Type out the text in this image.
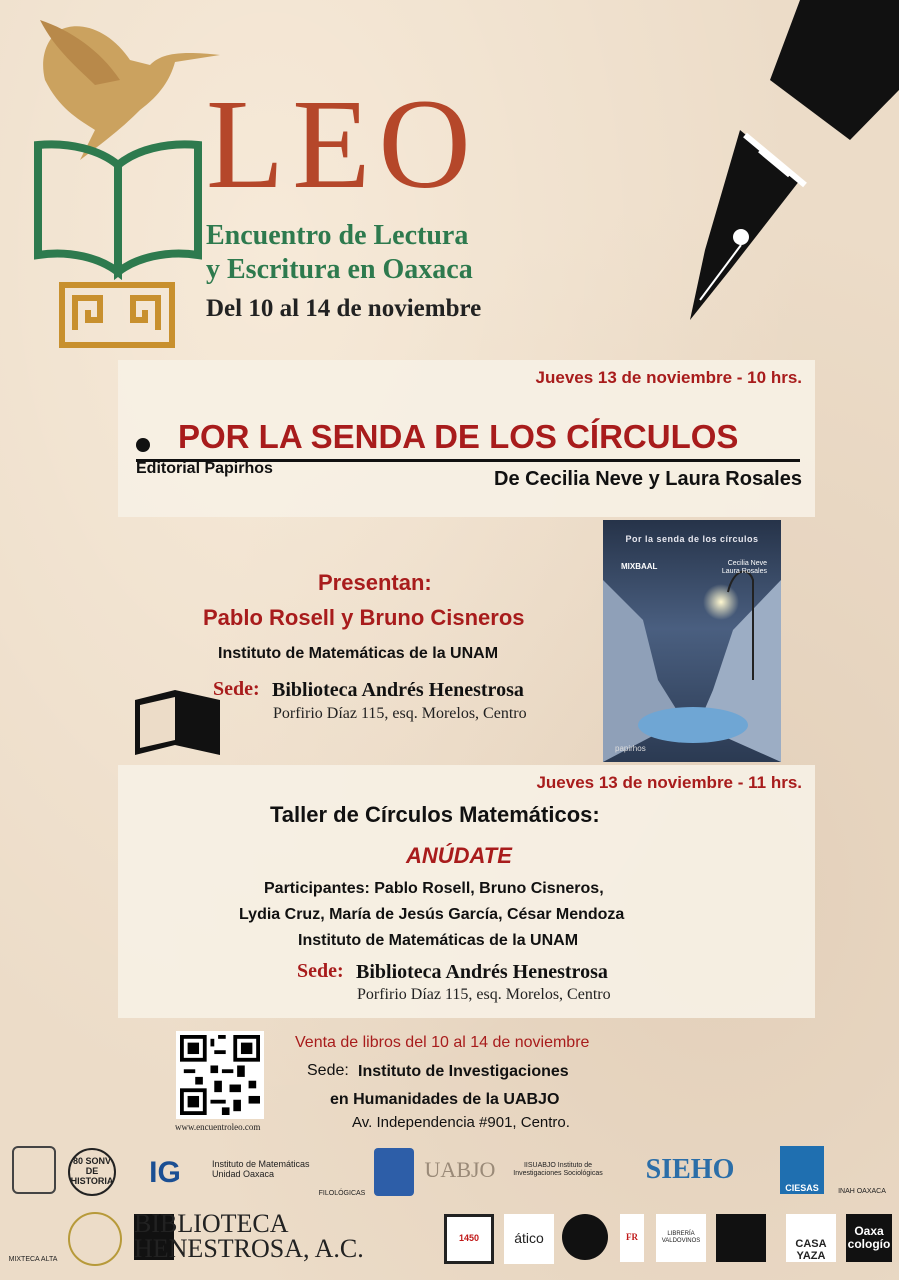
LEO
Encuentro de Lectura
y Escritura en Oaxaca
Del 10 al 14 de noviembre
Jueves 13 de noviembre - 10 hrs.
POR LA SENDA DE LOS CÍRCULOS
Editorial Papirhos	De Cecilia Neve y Laura Rosales
Presentan:
Pablo Rosell y Bruno Cisneros
Instituto de Matemáticas de la UNAM
Sede: Biblioteca Andrés Henestrosa
Porfirio Díaz 115, esq. Morelos, Centro
Por la senda de los círculos
MIXBAAL	Cecilia Neve
Laura Rosales
papirhos
Jueves 13 de noviembre - 11 hrs.
Taller de Círculos Matemáticos:
ANÚDATE
Participantes: Pablo Rosell, Bruno Cisneros,
Lydia Cruz, María de Jesús García, César Mendoza
Instituto de Matemáticas de la UNAM
Sede: Biblioteca Andrés Henestrosa
Porfirio Díaz 115, esq. Morelos, Centro
www.encuentroleo.com
Venta de libros del 10 al 14 de noviembre
Sede: Instituto de Investigaciones
en Humanidades de la UABJO
Av. Independencia #901, Centro.
80 SONV DE HISTORIA	IG	Instituto de Matemáticas Unidad Oaxaca
FILOLÓGICAS
UABJO	IISUABJO Instituto de Investigaciones Sociológicas	SIEHO
CIESAS	INAH OAXACA
MIXTECA ALTA
BIBLIOTECA HENESTROSA, A.C.	1450	ático	FR	LIBRERÍA VALDOVINOS	CASA YAZA
Oaxa cologío
